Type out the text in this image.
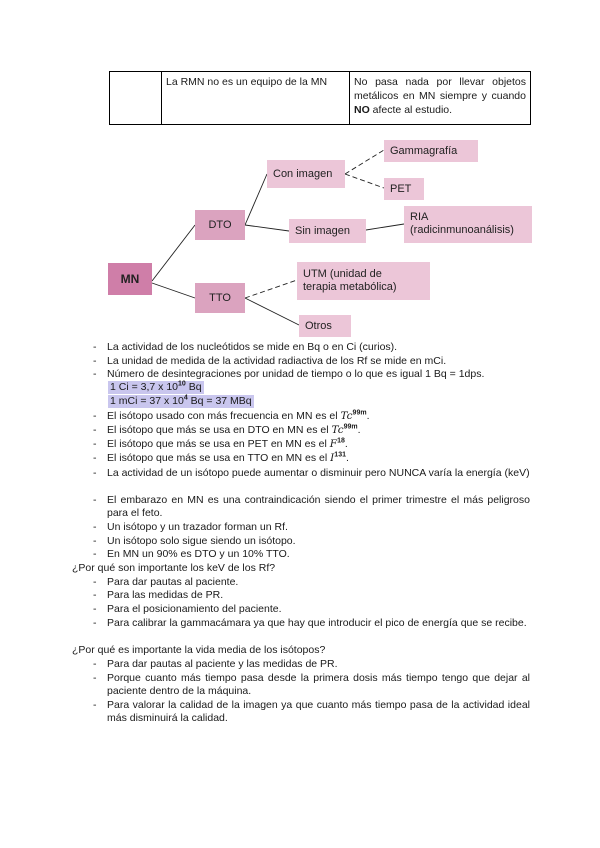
	La RMN no es un equipo de la MN	No pasa nada por llevar objetos metálicos en MN siempre y cuando NO afecte al estudio.
MN
DTO
TTO
Con imagen
Sin imagen
Gammagrafía
PET
RIA
(radicinmunoanálisis)
UTM (unidad de
terapia metabólica)
Otros
- La actividad de los nucleótidos se mide en Bq o en Ci (curios).
- La unidad de medida de la actividad radiactiva de los Rf se mide en mCi.
- Número de desintegraciones por unidad de tiempo o lo que es igual 1 Bq = 1dps.
1 Ci = 3,7 x $10^{10}$ Bq
1 mCi = 37 x $10^4$ Bq = 37 MBq
- El isótopo usado con más frecuencia en MN es el $Tc^{99m}$.
- El isótopo que más se usa en DTO en MN es el $Tc^{99m}$.
- El isótopo que más se usa en PET en MN es el $F^{18}$.
- El isótopo que más se usa en TTO en MN es el $I^{131}$.
- La actividad de un isótopo puede aumentar o disminuir pero NUNCA varía la energía (keV)
- El embarazo en MN es una contraindicación siendo el primer trimestre el más peligroso para el feto.
- Un isótopo y un trazador forman un Rf.
- Un isótopo solo sigue siendo un isótopo.
- En MN un 90% es DTO y un 10% TTO.
¿Por qué son importante los keV de los Rf?
- Para dar pautas al paciente.
- Para las medidas de PR.
- Para el posicionamiento del paciente.
- Para calibrar la gammacámara ya que hay que introducir el pico de energía que se recibe.
¿Por qué es importante la vida media de los isótopos?
- Para dar pautas al paciente y las medidas de PR.
- Porque cuanto más tiempo pasa desde la primera dosis más tiempo tengo que dejar al paciente dentro de la máquina.
- Para valorar la calidad de la imagen ya que cuanto más tiempo pasa de la actividad ideal más disminuirá la calidad.
